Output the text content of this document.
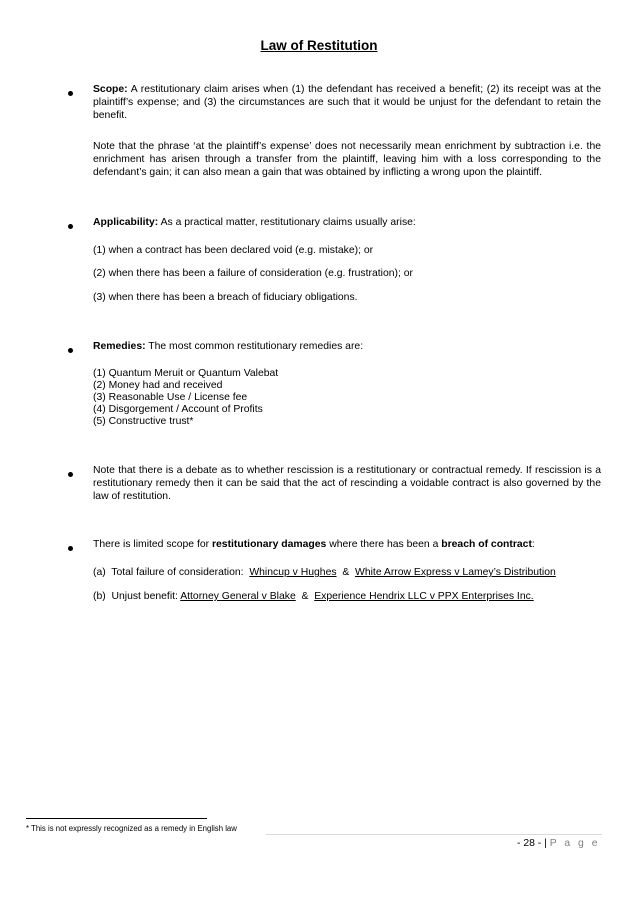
Law of Restitution
Scope: A restitutionary claim arises when (1) the defendant has received a benefit; (2) its receipt was at the plaintiff’s expense; and (3) the circumstances are such that it would be unjust for the defendant to retain the benefit.
Note that the phrase ‘at the plaintiff’s expense’ does not necessarily mean enrichment by subtraction i.e. the enrichment has arisen through a transfer from the plaintiff, leaving him with a loss corresponding to the defendant’s gain; it can also mean a gain that was obtained by inflicting a wrong upon the plaintiff.
Applicability: As a practical matter, restitutionary claims usually arise:
(1) when a contract has been declared void (e.g. mistake); or
(2) when there has been a failure of consideration (e.g. frustration); or
(3) when there has been a breach of fiduciary obligations.
Remedies: The most common restitutionary remedies are:
(1) Quantum Meruit or Quantum Valebat
(2) Money had and received
(3) Reasonable Use / License fee
(4) Disgorgement / Account of Profits
(5) Constructive trust*
Note that there is a debate as to whether rescission is a restitutionary or contractual remedy. If rescission is a restitutionary remedy then it can be said that the act of rescinding a voidable contract is also governed by the law of restitution.
There is limited scope for restitutionary damages where there has been a breach of contract:
(a)  Total failure of consideration:  Whincup v Hughes  &  White Arrow Express v Lamey’s Distribution
(b)  Unjust benefit: Attorney General v Blake  &  Experience Hendrix LLC v PPX Enterprises Inc.
* This is not expressly recognized as a remedy in English law
- 28 - | P a g e
